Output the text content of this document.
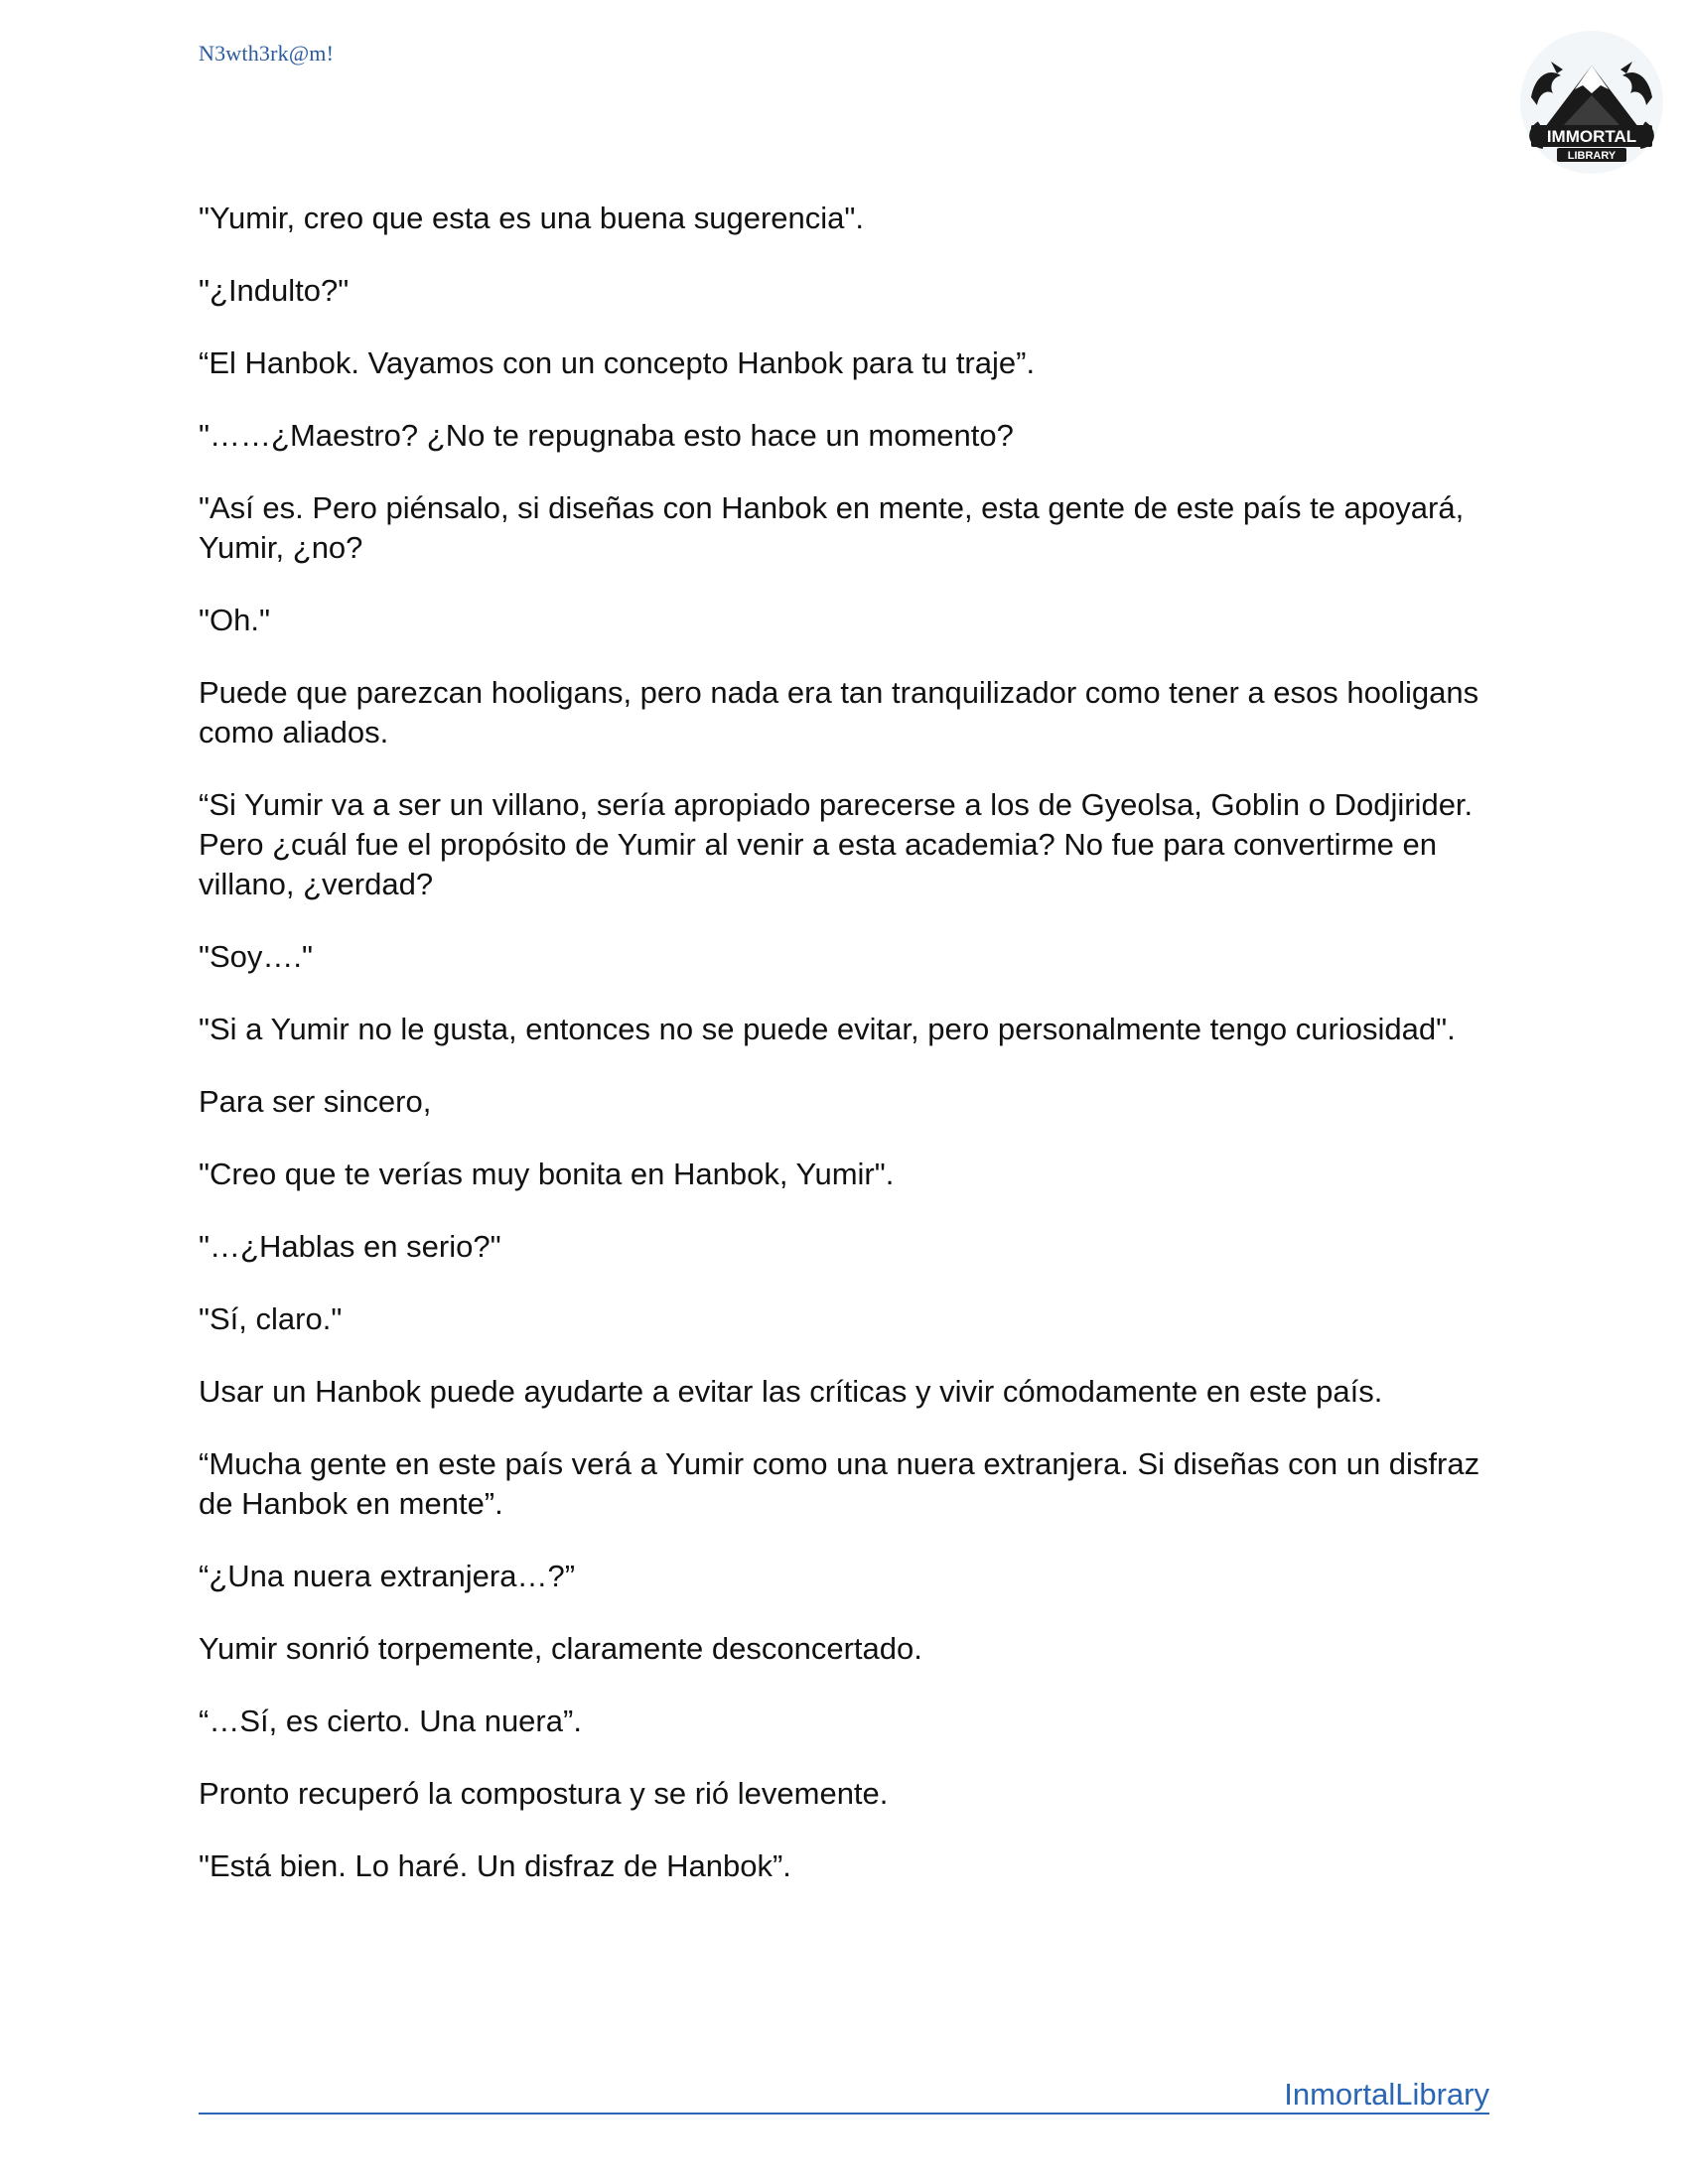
N3wth3rk@m!
IMMORTAL
LIBRARY

"Yumir, creo que esta es una buena sugerencia".

"¿Indulto?"

“El Hanbok. Vayamos con un concepto Hanbok para tu traje”.

"……¿Maestro? ¿No te repugnaba esto hace un momento?

"Así es. Pero piénsalo, si diseñas con Hanbok en mente, esta gente de este país te apoyará, Yumir, ¿no?

"Oh."

Puede que parezcan hooligans, pero nada era tan tranquilizador como tener a esos hooligans como aliados.

“Si Yumir va a ser un villano, sería apropiado parecerse a los de Gyeolsa, Goblin o Dodjirider. Pero ¿cuál fue el propósito de Yumir al venir a esta academia? No fue para convertirme en villano, ¿verdad?

"Soy…."

"Si a Yumir no le gusta, entonces no se puede evitar, pero personalmente tengo curiosidad".

Para ser sincero,

"Creo que te verías muy bonita en Hanbok, Yumir".

"…¿Hablas en serio?"

"Sí, claro."

Usar un Hanbok puede ayudarte a evitar las críticas y vivir cómodamente en este país.

“Mucha gente en este país verá a Yumir como una nuera extranjera. Si diseñas con un disfraz de Hanbok en mente”.

“¿Una nuera extranjera…?”

Yumir sonrió torpemente, claramente desconcertado.

“…Sí, es cierto. Una nuera”.

Pronto recuperó la compostura y se rió levemente.

"Está bien. Lo haré. Un disfraz de Hanbok”.

InmortalLibrary
